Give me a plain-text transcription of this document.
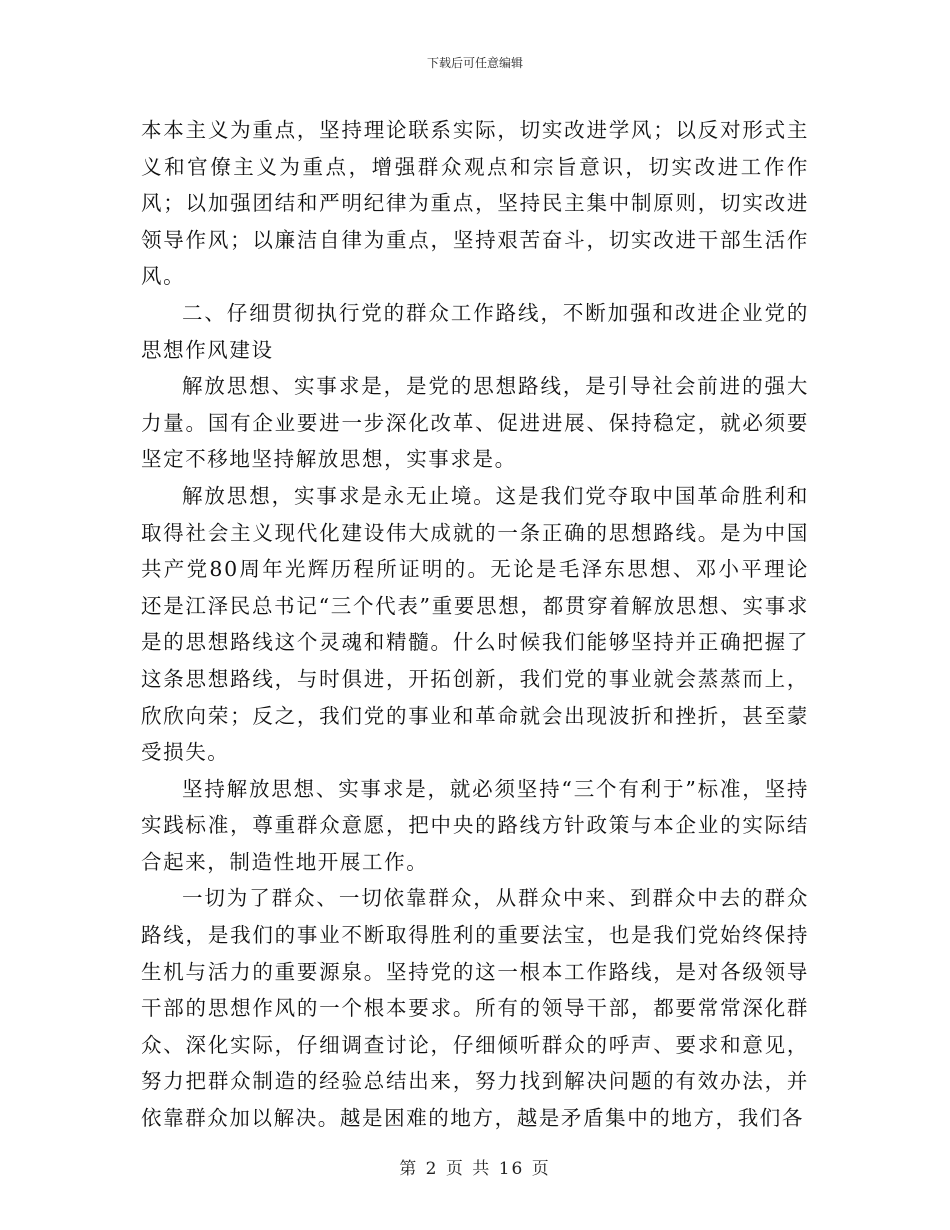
下载后可任意编辑

本本主义为重点，坚持理论联系实际，切实改进学风；以反对形式主义和官僚主义为重点，增强群众观点和宗旨意识，切实改进工作作风；以加强团结和严明纪律为重点，坚持民主集中制原则，切实改进领导作风；以廉洁自律为重点，坚持艰苦奋斗，切实改进干部生活作风。

二、仔细贯彻执行党的群众工作路线，不断加强和改进企业党的思想作风建设

解放思想、实事求是，是党的思想路线，是引导社会前进的强大力量。国有企业要进一步深化改革、促进进展、保持稳定，就必须要坚定不移地坚持解放思想，实事求是。

解放思想，实事求是永无止境。这是我们党夺取中国革命胜利和取得社会主义现代化建设伟大成就的一条正确的思想路线。是为中国共产党80周年光辉历程所证明的。无论是毛泽东思想、邓小平理论还是江泽民总书记“三个代表”重要思想，都贯穿着解放思想、实事求是的思想路线这个灵魂和精髓。什么时候我们能够坚持并正确把握了这条思想路线，与时俱进，开拓创新，我们党的事业就会蒸蒸而上，欣欣向荣；反之，我们党的事业和革命就会出现波折和挫折，甚至蒙受损失。

坚持解放思想、实事求是，就必须坚持“三个有利于”标准，坚持实践标准，尊重群众意愿，把中央的路线方针政策与本企业的实际结合起来，制造性地开展工作。

一切为了群众、一切依靠群众，从群众中来、到群众中去的群众路线，是我们的事业不断取得胜利的重要法宝，也是我们党始终保持生机与活力的重要源泉。坚持党的这一根本工作路线，是对各级领导干部的思想作风的一个根本要求。所有的领导干部，都要常常深化群众、深化实际，仔细调查讨论，仔细倾听群众的呼声、要求和意见，努力把群众制造的经验总结出来，努力找到解决问题的有效办法，并依靠群众加以解决。越是困难的地方，越是矛盾集中的地方，我们各

第 2 页 共 16 页
